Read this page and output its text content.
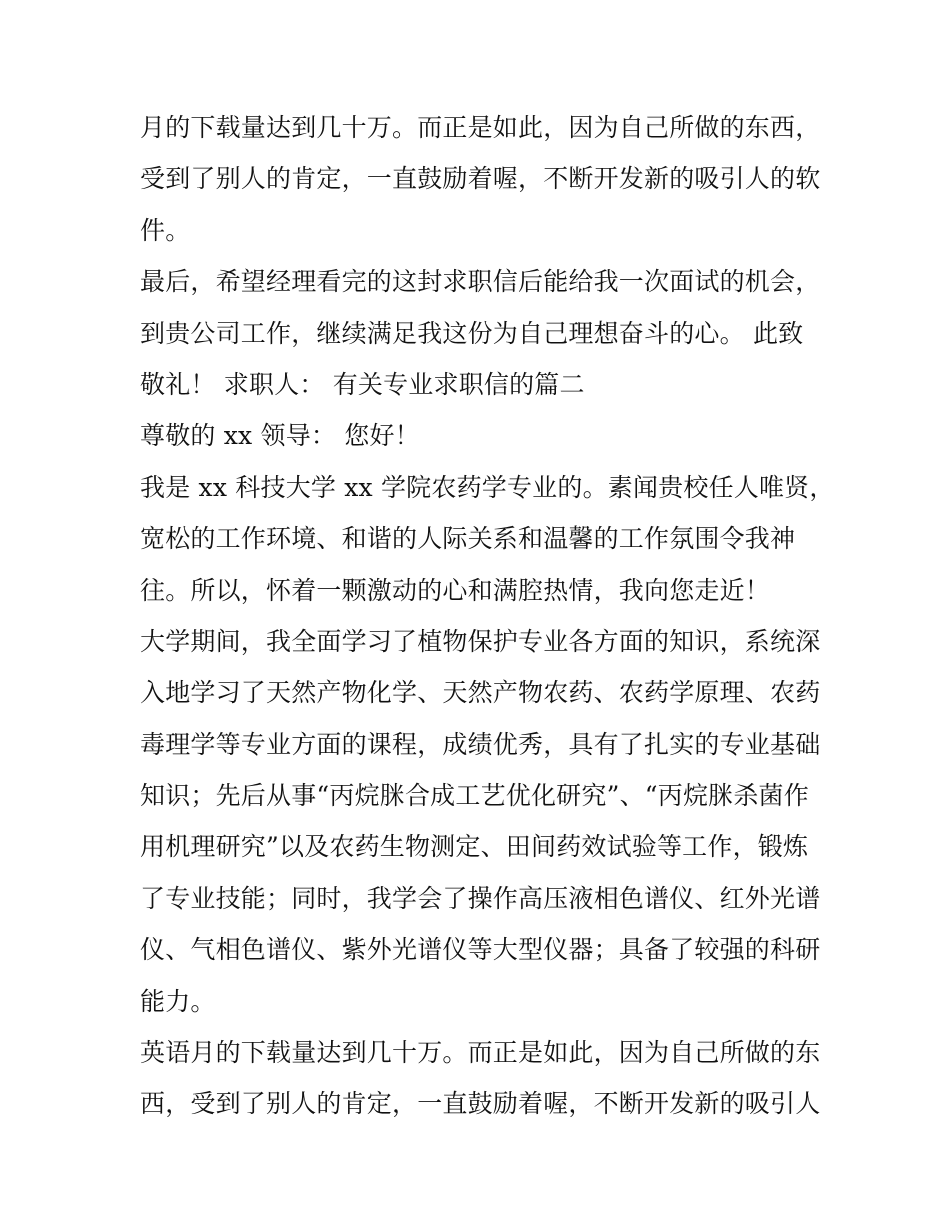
月的下载量达到几十万。而正是如此，因为自己所做的东西，
受到了别人的肯定，一直鼓励着喔，不断开发新的吸引人的软
件。
最后，希望经理看完的这封求职信后能给我一次面试的机会，
到贵公司工作，继续满足我这份为自己理想奋斗的心。 此致
敬礼！ 求职人： 有关专业求职信的篇二
尊敬的 xx 领导： 您好！
我是 xx 科技大学 xx 学院农药学专业的。素闻贵校任人唯贤，
宽松的工作环境、和谐的人际关系和温馨的工作氛围令我神
往。所以，怀着一颗激动的心和满腔热情，我向您走近！
大学期间，我全面学习了植物保护专业各方面的知识，系统深
入地学习了天然产物化学、天然产物农药、农药学原理、农药
毒理学等专业方面的课程，成绩优秀，具有了扎实的专业基础
知识；先后从事“丙烷脒合成工艺优化研究”、“丙烷脒杀菌作
用机理研究”以及农药生物测定、田间药效试验等工作，锻炼
了专业技能；同时，我学会了操作高压液相色谱仪、红外光谱
仪、气相色谱仪、紫外光谱仪等大型仪器；具备了较强的科研
能力。
英语月的下载量达到几十万。而正是如此，因为自己所做的东
西，受到了别人的肯定，一直鼓励着喔，不断开发新的吸引人
